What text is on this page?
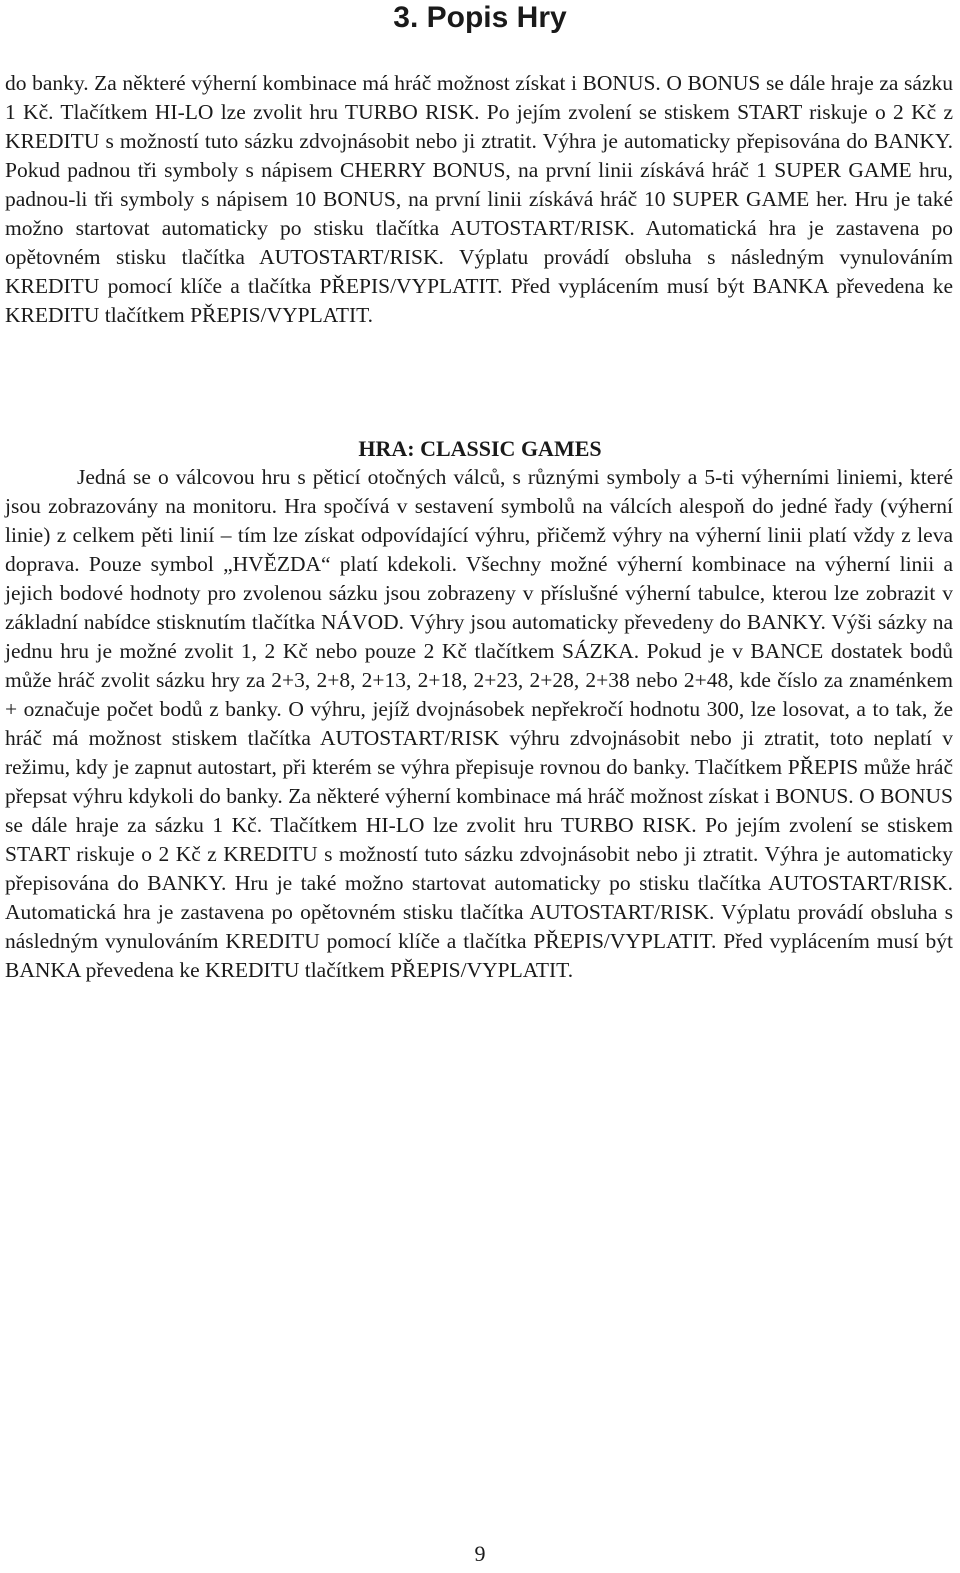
3. Popis Hry

do banky. Za některé výherní kombinace má hráč možnost získat i BONUS. O BONUS se dále hraje za sázku 1 Kč. Tlačítkem HI-LO lze zvolit hru TURBO RISK. Po jejím zvolení se stiskem START riskuje o 2 Kč z KREDITU s možností tuto sázku zdvojnásobit nebo ji ztratit. Výhra je automaticky přepisována do BANKY. Pokud padnou tři symboly s nápisem CHERRY BONUS, na první linii získává hráč 1 SUPER GAME hru, padnou-li tři symboly s nápisem 10 BONUS, na první linii získává hráč 10 SUPER GAME her. Hru je také možno startovat automaticky po stisku tlačítka AUTOSTART/RISK. Automatická hra je zastavena po opětovném stisku tlačítka AUTOSTART/RISK. Výplatu provádí obsluha s následným vynulováním KREDITU pomocí klíče a tlačítka PŘEPIS/VYPLATIT. Před vyplácením musí být BANKA převedena ke KREDITU tlačítkem PŘEPIS/VYPLATIT.

HRA: CLASSIC GAMES

Jedná se o válcovou hru s pěticí otočných válců, s různými symboly a 5-ti výherními liniemi, které jsou zobrazovány na monitoru. Hra spočívá v sestavení symbolů na válcích alespoň do jedné řady (výherní linie) z celkem pěti linií – tím lze získat odpovídající výhru, přičemž výhry na výherní linii platí vždy z leva doprava. Pouze symbol „HVĚZDA“ platí kdekoli. Všechny možné výherní kombinace na výherní linii a jejich bodové hodnoty pro zvolenou sázku jsou zobrazeny v příslušné výherní tabulce, kterou lze zobrazit v základní nabídce stisknutím tlačítka NÁVOD. Výhry jsou automaticky převedeny do BANKY. Výši sázky na jednu hru je možné zvolit 1, 2 Kč nebo pouze 2 Kč tlačítkem SÁZKA. Pokud je v BANCE dostatek bodů může hráč zvolit sázku hry za 2+3, 2+8, 2+13, 2+18, 2+23, 2+28, 2+38 nebo 2+48, kde číslo za znaménkem + označuje počet bodů z banky. O výhru, jejíž dvojnásobek nepřekročí hodnotu 300, lze losovat, a to tak, že hráč má možnost stiskem tlačítka AUTOSTART/RISK výhru zdvojnásobit nebo ji ztratit, toto neplatí v režimu, kdy je zapnut autostart, při kterém se výhra přepisuje rovnou do banky. Tlačítkem PŘEPIS může hráč přepsat výhru kdykoli do banky. Za některé výherní kombinace má hráč možnost získat i BONUS. O BONUS se dále hraje za sázku 1 Kč. Tlačítkem HI-LO lze zvolit hru TURBO RISK. Po jejím zvolení se stiskem START riskuje o 2 Kč z KREDITU s možností tuto sázku zdvojnásobit nebo ji ztratit. Výhra je automaticky přepisována do BANKY. Hru je také možno startovat automaticky po stisku tlačítka AUTOSTART/RISK. Automatická hra je zastavena po opětovném stisku tlačítka AUTOSTART/RISK. Výplatu provádí obsluha s následným vynulováním KREDITU pomocí klíče a tlačítka PŘEPIS/VYPLATIT. Před vyplácením musí být BANKA převedena ke KREDITU tlačítkem PŘEPIS/VYPLATIT.

9
